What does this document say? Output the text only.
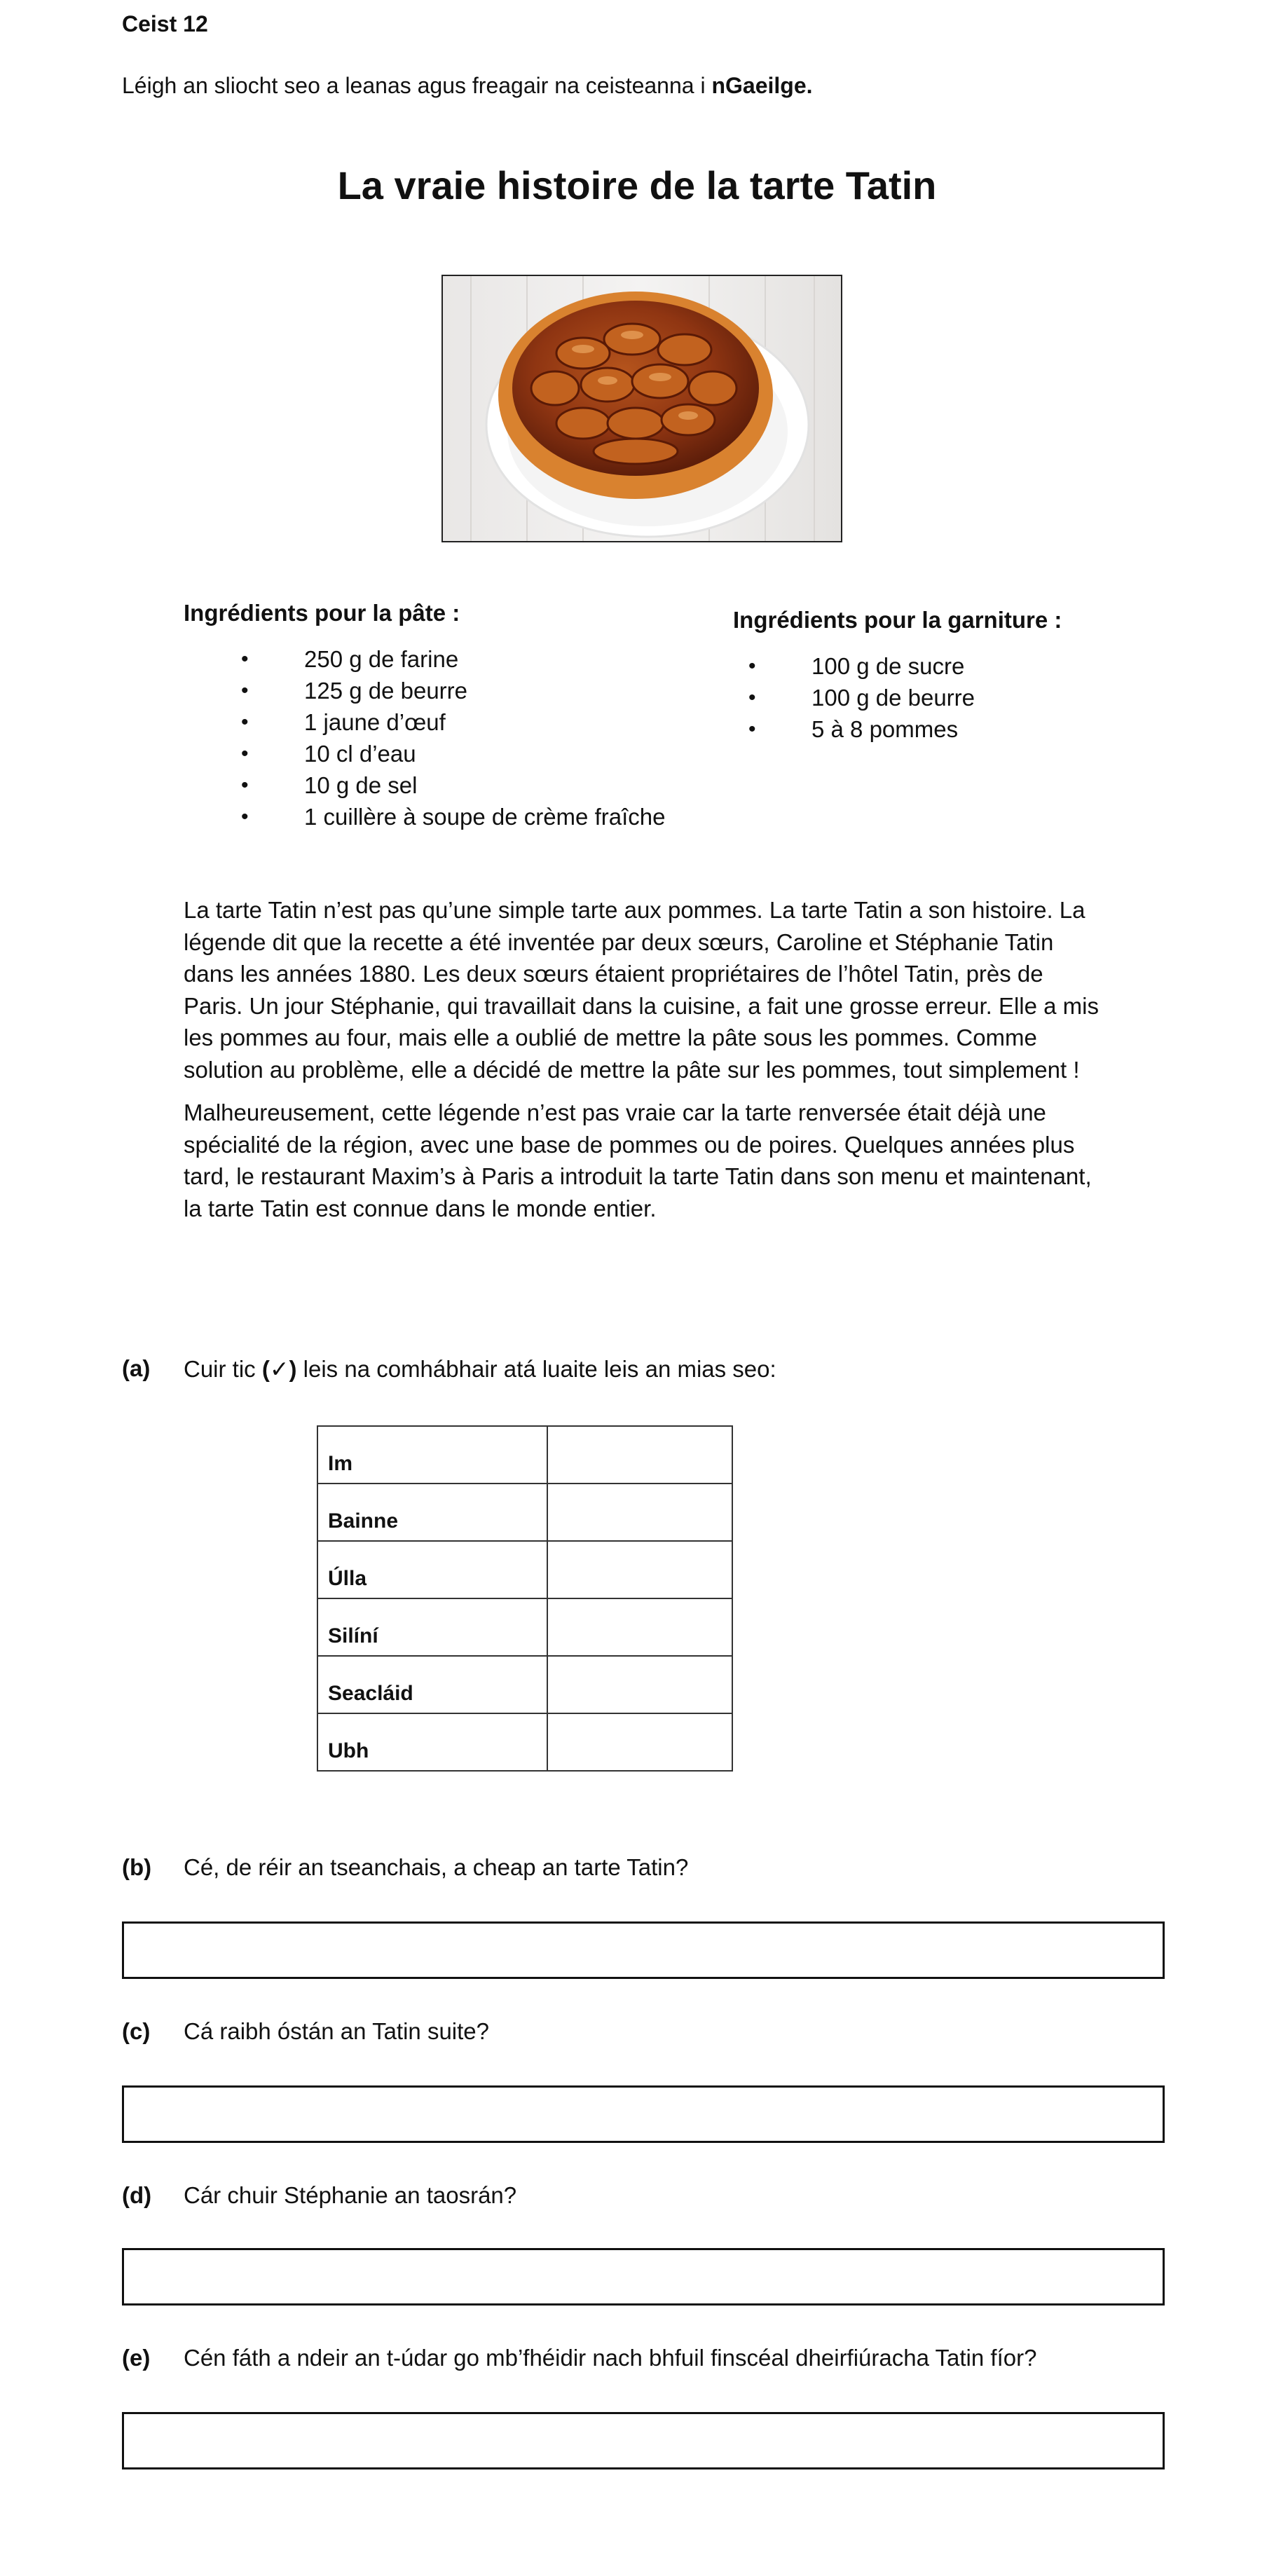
Ceist 12
Léigh an sliocht seo a leanas agus freagair na ceisteanna i nGaeilge.
La vraie histoire de la tarte Tatin
Ingrédients pour la pâte :
• 250 g de farine
• 125 g de beurre
• 1 jaune d’œuf
• 10 cl d’eau
• 10 g de sel
• 1 cuillère à soupe de crème fraîche
Ingrédients pour la garniture :
• 100 g de sucre
• 100 g de beurre
• 5 à 8 pommes

La tarte Tatin n’est pas qu’une simple tarte aux pommes. La tarte Tatin a son histoire. La légende dit que la recette a été inventée par deux sœurs, Caroline et Stéphanie Tatin dans les années 1880. Les deux sœurs étaient propriétaires de l’hôtel Tatin, près de Paris. Un jour Stéphanie, qui travaillait dans la cuisine, a fait une grosse erreur. Elle a mis les pommes au four, mais elle a oublié de mettre la pâte sous les pommes. Comme solution au problème, elle a décidé de mettre la pâte sur les pommes, tout simplement !

Malheureusement, cette légende n’est pas vraie car la tarte renversée était déjà une spécialité de la région, avec une base de pommes ou de poires. Quelques années plus tard, le restaurant Maxim’s à Paris a introduit la tarte Tatin dans son menu et maintenant, la tarte Tatin est connue dans le monde entier.

(a) Cuir tic (✓) leis na comhábhair atá luaite leis an mias seo:
Im	
Bainne	
Úlla	
Silíní	
Seacláid	
Ubh	
(b) Cé, de réir an tseanchais, a cheap an tarte Tatin?
(c) Cá raibh óstán an Tatin suite?
(d) Cár chuir Stéphanie an taosrán?
(e) Cén fáth a ndeir an t-údar go mb’fhéidir nach bhfuil finscéal dheirfiúracha Tatin fíor?
